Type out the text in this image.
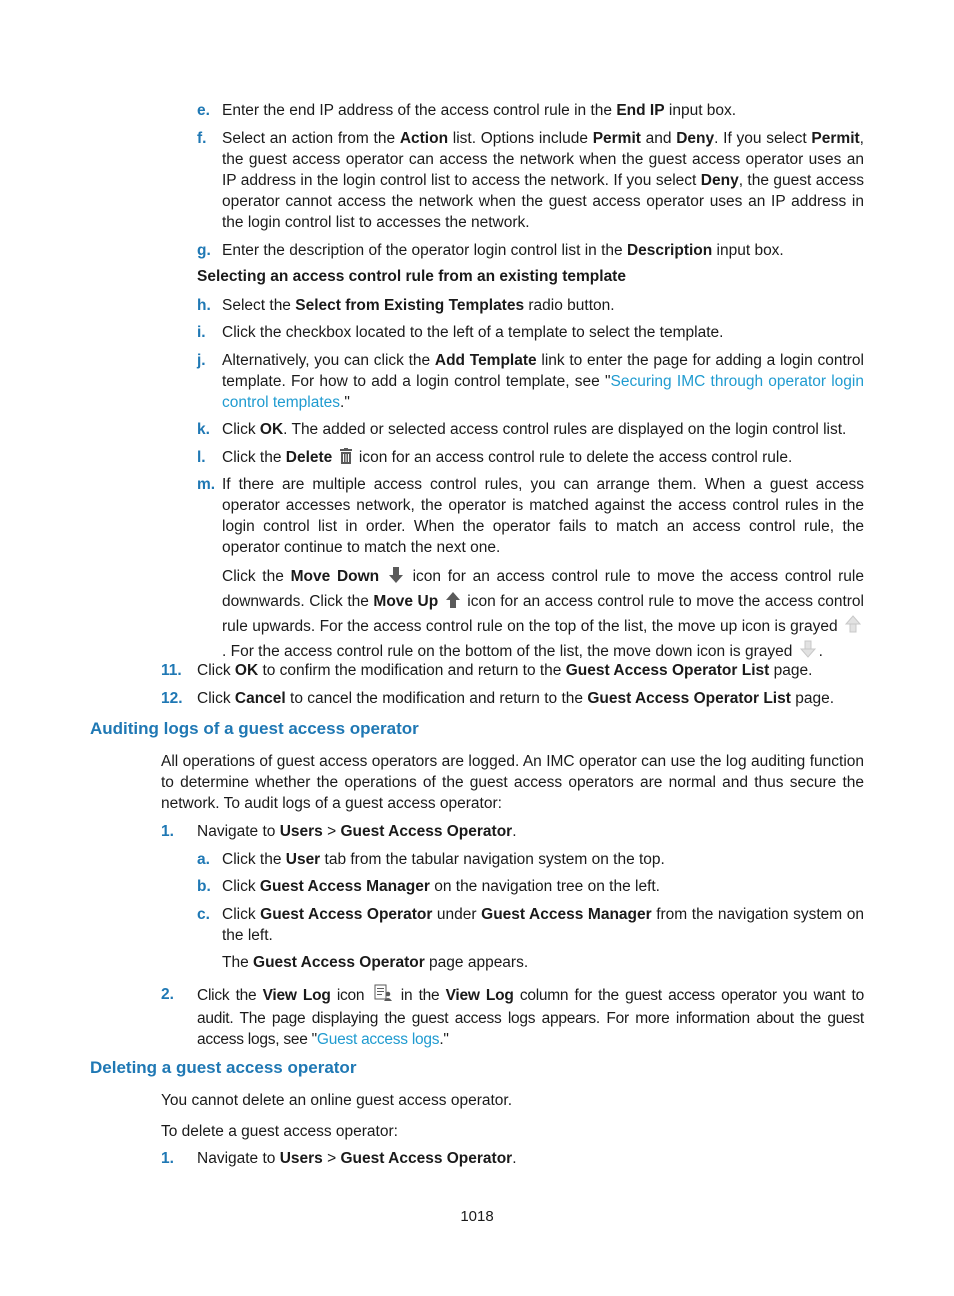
e. Enter the end IP address of the access control rule in the End IP input box.
f. Select an action from the Action list. Options include Permit and Deny. If you select Permit, the guest access operator can access the network when the guest access operator uses an IP address in the login control list to access the network. If you select Deny, the guest access operator cannot access the network when the guest access operator uses an IP address in the login control list to accesses the network.
g. Enter the description of the operator login control list in the Description input box.
Selecting an access control rule from an existing template
h. Select the Select from Existing Templates radio button.
i. Click the checkbox located to the left of a template to select the template.
j. Alternatively, you can click the Add Template link to enter the page for adding a login control template. For how to add a login control template, see "Securing IMC through operator login control templates."
k. Click OK. The added or selected access control rules are displayed on the login control list.
l. Click the Delete  icon for an access control rule to delete the access control rule.
m. If there are multiple access control rules, you can arrange them. When a guest access operator accesses network, the operator is matched against the access control rules in the login control list in order. When the operator fails to match an access control rule, the operator continue to match the next one.
Click the Move Down  icon for an access control rule to move the access control rule downwards. Click the Move Up  icon for an access control rule to move the access control rule upwards. For the access control rule on the top of the list, the move up icon is grayed . For the access control rule on the bottom of the list, the move down icon is grayed .
11. Click OK to confirm the modification and return to the Guest Access Operator List page.
12. Click Cancel to cancel the modification and return to the Guest Access Operator List page.
Auditing logs of a guest access operator
All operations of guest access operators are logged. An IMC operator can use the log auditing function to determine whether the operations of the guest access operators are normal and thus secure the network. To audit logs of a guest access operator:
1.	Navigate to Users > Guest Access Operator.
a. Click the User tab from the tabular navigation system on the top.
b. Click Guest Access Manager on the navigation tree on the left.
c. Click Guest Access Operator under Guest Access Manager from the navigation system on the left.
The Guest Access Operator page appears.
2.	Click the View Log icon  in the View Log column for the guest access operator you want to audit. The page displaying the guest access logs appears. For more information about the guest access logs, see "Guest access logs."
Deleting a guest access operator
You cannot delete an online guest access operator.
To delete a guest access operator:
1.	Navigate to Users > Guest Access Operator.
1018
